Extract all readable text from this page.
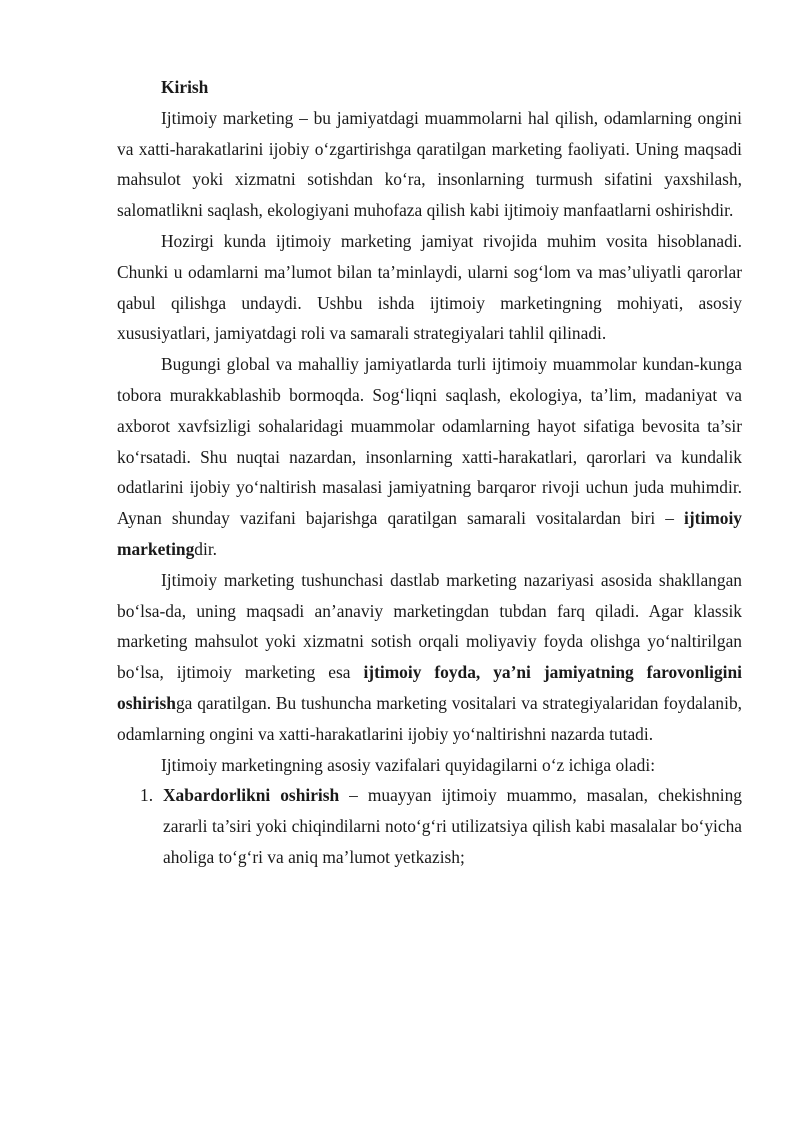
Kirish

Ijtimoiy marketing – bu jamiyatdagi muammolarni hal qilish, odamlarning ongini va xatti-harakatlarini ijobiy o‘zgartirishga qaratilgan marketing faoliyati. Uning maqsadi mahsulot yoki xizmatni sotishdan ko‘ra, insonlarning turmush sifatini yaxshilash, salomatlikni saqlash, ekologiyani muhofaza qilish kabi ijtimoiy manfaatlarni oshirishdir.

Hozirgi kunda ijtimoiy marketing jamiyat rivojida muhim vosita hisoblanadi. Chunki u odamlarni ma’lumot bilan ta’minlaydi, ularni sog‘lom va mas’uliyatli qarorlar qabul qilishga undaydi. Ushbu ishda ijtimoiy marketingning mohiyati, asosiy xususiyatlari, jamiyatdagi roli va samarali strategiyalari tahlil qilinadi.

Bugungi global va mahalliy jamiyatlarda turli ijtimoiy muammolar kundan-kunga tobora murakkablashib bormoqda. Sog‘liqni saqlash, ekologiya, ta’lim, madaniyat va axborot xavfsizligi sohalaridagi muammolar odamlarning hayot sifatiga bevosita ta’sir ko‘rsatadi. Shu nuqtai nazardan, insonlarning xatti-harakatlari, qarorlari va kundalik odatlarini ijobiy yo‘naltirish masalasi jamiyatning barqaror rivoji uchun juda muhimdir. Aynan shunday vazifani bajarishga qaratilgan samarali vositalardan biri – ijtimoiy marketingdir.

Ijtimoiy marketing tushunchasi dastlab marketing nazariyasi asosida shakllangan bo‘lsa-da, uning maqsadi an’anaviy marketingdan tubdan farq qiladi. Agar klassik marketing mahsulot yoki xizmatni sotish orqali moliyaviy foyda olishga yo‘naltirilgan bo‘lsa, ijtimoiy marketing esa ijtimoiy foyda, ya’ni jamiyatning farovonligini oshirishga qaratilgan. Bu tushuncha marketing vositalari va strategiyalaridan foydalanib, odamlarning ongini va xatti-harakatlarini ijobiy yo‘naltirishni nazarda tutadi.

Ijtimoiy marketingning asosiy vazifalari quyidagilarni o‘z ichiga oladi:

1. Xabardorlikni oshirish – muayyan ijtimoiy muammo, masalan, chekishning zararli ta’siri yoki chiqindilarni noto‘g‘ri utilizatsiya qilish kabi masalalar bo‘yicha aholiga to‘g‘ri va aniq ma’lumot yetkazish;
